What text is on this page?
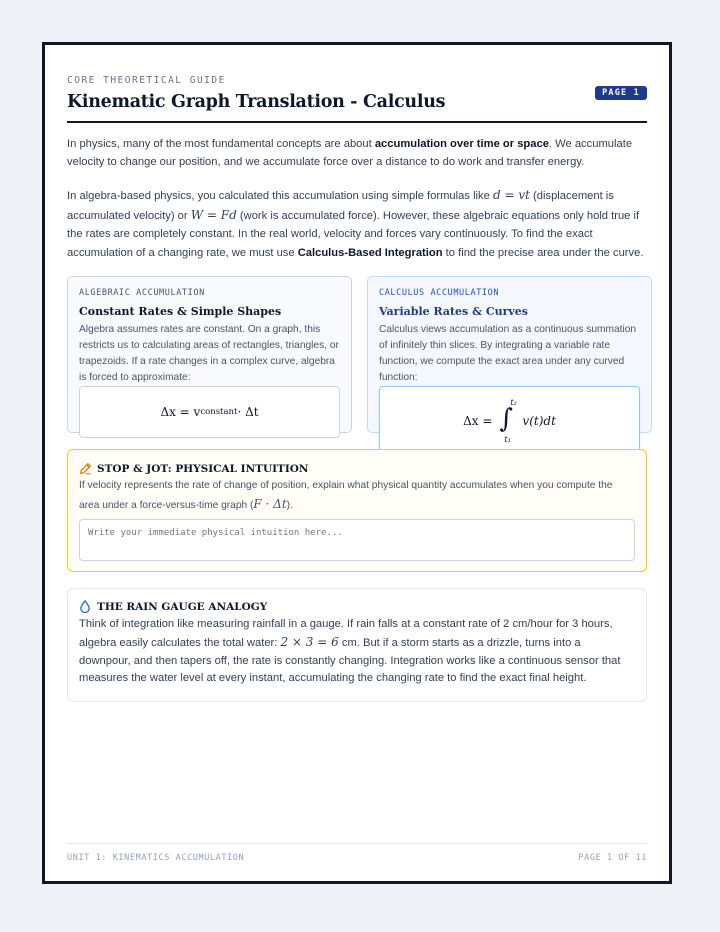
CORE THEORETICAL GUIDE
Kinematic Graph Translation - Calculus	PAGE 1

In physics, many of the most fundamental concepts are about accumulation over time or space. We accumulate velocity to change our position, and we accumulate force over a distance to do work and transfer energy.

In algebra-based physics, you calculated this accumulation using simple formulas like d = vt (displacement is accumulated velocity) or W = Fd (work is accumulated force). However, these algebraic equations only hold true if the rates are completely constant. In the real world, velocity and forces vary continuously. To find the exact accumulation of a changing rate, we must use Calculus-Based Integration to find the precise area under the curve.

ALGEBRAIC ACCUMULATION
Constant Rates & Simple Shapes
Algebra assumes rates are constant. On a graph, this restricts us to calculating areas of rectangles, triangles, or trapezoids. If a rate changes in a complex curve, algebra is forced to approximate:
Δx = v constant · Δt
CALCULUS ACCUMULATION
Variable Rates & Curves
Calculus views accumulation as a continuous summation of infinitely thin slices. By integrating a variable rate function, we compute the exact area under any curved function:
Δx = ∫
t₂
t₁
v(t)dt
STOP & JOT: PHYSICAL INTUITION
If velocity represents the rate of change of position, explain what physical quantity accumulates when you compute the area under a force-versus-time graph (F · Δt).
Write your immediate physical intuition here...
THE RAIN GAUGE ANALOGY
Think of integration like measuring rainfall in a gauge. If rain falls at a constant rate of 2 cm/hour for 3 hours, algebra easily calculates the total water: 2 × 3 = 6 cm. But if a storm starts as a drizzle, turns into a downpour, and then tapers off, the rate is constantly changing. Integration works like a continuous sensor that measures the water level at every instant, accumulating the changing rate to find the exact final height.
UNIT 1: KINEMATICS ACCUMULATION	PAGE 1 OF 11
